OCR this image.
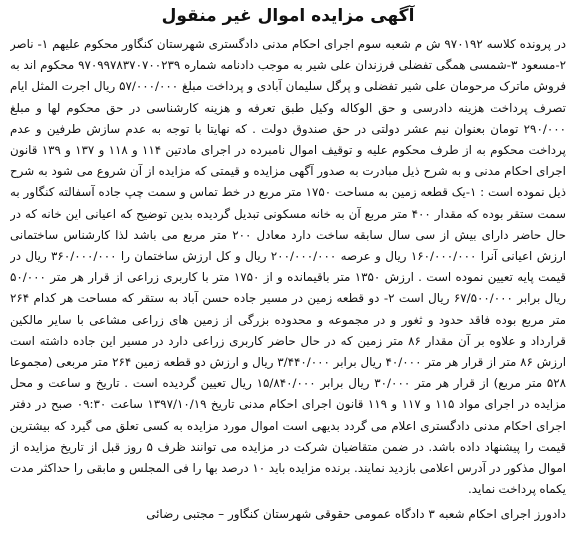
آگهی مزایده اموال غیر منقول

در پرونده کلاسه ۹۷۰۱۹۲ ش م شعبه سوم اجرای احکام مدنی دادگستری شهرستان کنگاور محکوم علیهم ۱- ناصر ۲-مسعود ۳-شمسی همگی تفضلی فرزندان علی شیر به موجب دادنامه شماره ۹۷۰۹۹۷۸۳۷۰۷۰۰۲۳۹ محکوم اند به فروش ماترک مرحومان علی شیر تفضلی و پرگل سلیمان آبادی و پرداخت مبلغ ۵۷/۰۰۰/۰۰۰ ریال اجرت المثل ایام تصرف پرداخت هزینه دادرسی و حق الوکاله وکیل طبق تعرفه و هزینه کارشناسی در حق محکوم لها و مبلغ ۲۹۰/۰۰۰ تومان بعنوان نیم عشر دولتی در حق صندوق دولت . که نهایتا با توجه به عدم سازش طرفین و عدم پرداخت محکوم به از طرف محکوم علیه و توقیف اموال نامبرده در اجرای مادتین ۱۱۴ و ۱۱۸ و ۱۳۷ و ۱۳۹ قانون اجرای احکام مدنی و به شرح ذیل مبادرت به صدور آگهی مزایده و قیمتی که مزایده از آن شروع می شود به شرح ذیل نموده است : ۱-یک قطعه زمین به مساحت ۱۷۵۰ متر مربع در خط تماس و سمت چپ جاده آسفالته کنگاور به سمت ستقر بوده که مقدار ۴۰۰ متر مربع آن به خانه مسکونی تبدیل گردیده بدین توضیح که اعیانی این خانه که در حال حاضر دارای بیش از سی سال سابقه ساخت دارد معادل ۲۰۰ متر مربع می باشد لذا کارشناس ساختمانی ارزش اعیانی آنرا ۱۶۰/۰۰۰/۰۰۰ ریال و عرصه ۲۰۰/۰۰۰/۰۰۰ ریال و کل ارزش ساختمان را ۳۶۰/۰۰۰/۰۰۰ ریال در قیمت پایه تعیین نموده است . ارزش ۱۳۵۰ متر باقیمانده و از ۱۷۵۰ متر با کاربری زراعی از قرار هر متر ۵۰/۰۰۰ ریال برابر ۶۷/۵۰۰/۰۰۰ ریال است ۲- دو قطعه زمین در مسیر جاده حسن آباد به ستقر که مساحت هر کدام ۲۶۴ متر مربع بوده فاقد حدود و ثغور و در مجموعه و محدوده بزرگی از زمین های زراعی مشاعی با سایر مالکین قرارداد و علاوه بر آن مقدار ۸۶ متر زمین که در حال حاضر کاربری زراعی دارد در مسیر این جاده داشته است ارزش ۸۶ متر از قرار هر متر ۴۰/۰۰۰ ریال برابر ۳/۴۴۰/۰۰۰ ریال و ارزش دو قطعه زمین ۲۶۴ متر مربعی (مجموعا ۵۲۸ متر مربع) از قرار هر متر ۳۰/۰۰۰ ریال برابر ۱۵/۸۴۰/۰۰۰ ریال تعیین گردیده است . تاریخ و ساعت و محل مزایده در اجرای مواد ۱۱۵ و ۱۱۷ و ۱۱۹ قانون اجرای احکام مدنی تاریخ ۱۳۹۷/۱۰/۱۹ ساعت ۰۹:۳۰ صبح در دفتر اجرای احکام مدنی دادگستری اعلام می گردد بدیهی است اموال مورد مزایده به کسی تعلق می گیرد که بیشترین قیمت را پیشنهاد داده باشد. در ضمن متقاضیان شرکت در مزایده می توانند ظرف ۵ روز قبل از تاریخ مزایده از اموال مذکور در آدرس اعلامی بازدید نمایند. برنده مزایده باید ۱۰ درصد بها را فی المجلس و مابقی را حداکثر مدت یکماه پرداخت نماید.

دادورز اجرای احکام شعبه ۳ دادگاه عمومی حقوقی شهرستان کنگاور – مجتبی رضائی
